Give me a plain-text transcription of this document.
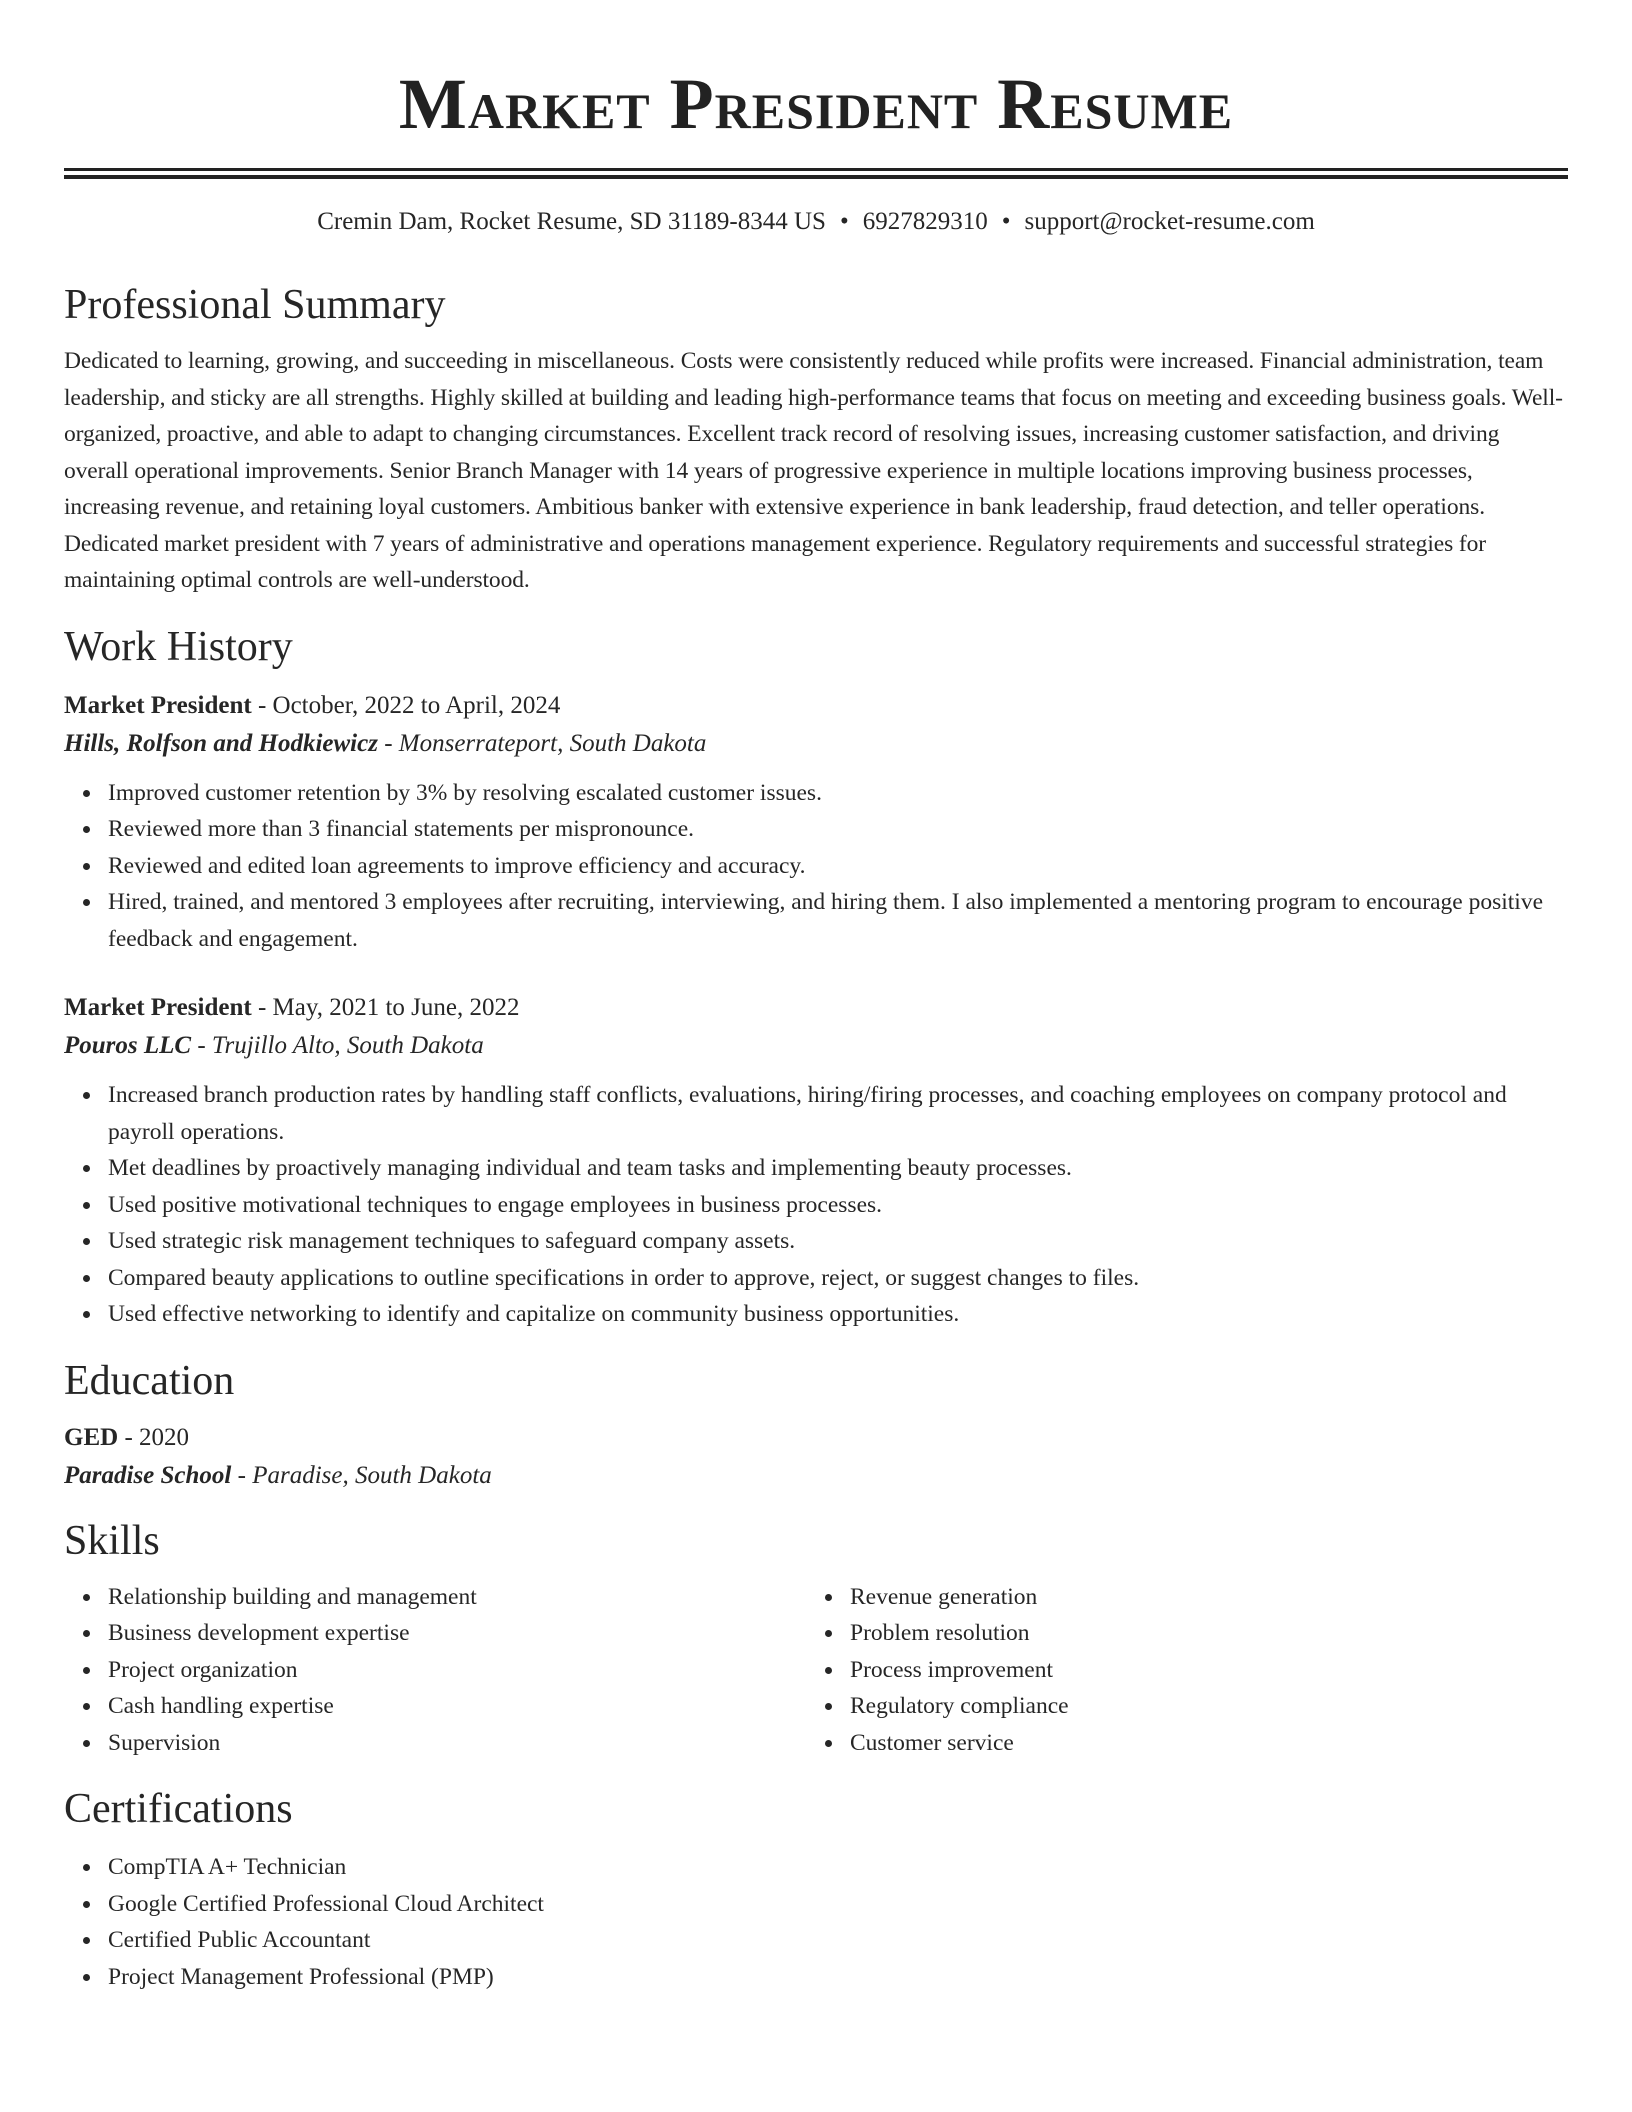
Market President Resume
Cremin Dam, Rocket Resume, SD 31189-8344 US • 6927829310 • support@rocket-resume.com
Professional Summary
Dedicated to learning, growing, and succeeding in miscellaneous. Costs were consistently reduced while profits were increased. Financial administration, team leadership, and sticky are all strengths. Highly skilled at building and leading high-performance teams that focus on meeting and exceeding business goals. Well-organized, proactive, and able to adapt to changing circumstances. Excellent track record of resolving issues, increasing customer satisfaction, and driving overall operational improvements. Senior Branch Manager with 14 years of progressive experience in multiple locations improving business processes, increasing revenue, and retaining loyal customers. Ambitious banker with extensive experience in bank leadership, fraud detection, and teller operations. Dedicated market president with 7 years of administrative and operations management experience. Regulatory requirements and successful strategies for maintaining optimal controls are well-understood.
Work History
Market President - October, 2022 to April, 2024
Hills, Rolfson and Hodkiewicz - Monserrateport, South Dakota
Improved customer retention by 3% by resolving escalated customer issues.
Reviewed more than 3 financial statements per mispronounce.
Reviewed and edited loan agreements to improve efficiency and accuracy.
Hired, trained, and mentored 3 employees after recruiting, interviewing, and hiring them. I also implemented a mentoring program to encourage positive feedback and engagement.
Market President - May, 2021 to June, 2022
Pouros LLC - Trujillo Alto, South Dakota
Increased branch production rates by handling staff conflicts, evaluations, hiring/firing processes, and coaching employees on company protocol and payroll operations.
Met deadlines by proactively managing individual and team tasks and implementing beauty processes.
Used positive motivational techniques to engage employees in business processes.
Used strategic risk management techniques to safeguard company assets.
Compared beauty applications to outline specifications in order to approve, reject, or suggest changes to files.
Used effective networking to identify and capitalize on community business opportunities.
Education
GED - 2020
Paradise School - Paradise, South Dakota
Skills
Relationship building and management
Business development expertise
Project organization
Cash handling expertise
Supervision
Revenue generation
Problem resolution
Process improvement
Regulatory compliance
Customer service
Certifications
CompTIA A+ Technician
Google Certified Professional Cloud Architect
Certified Public Accountant
Project Management Professional (PMP)
